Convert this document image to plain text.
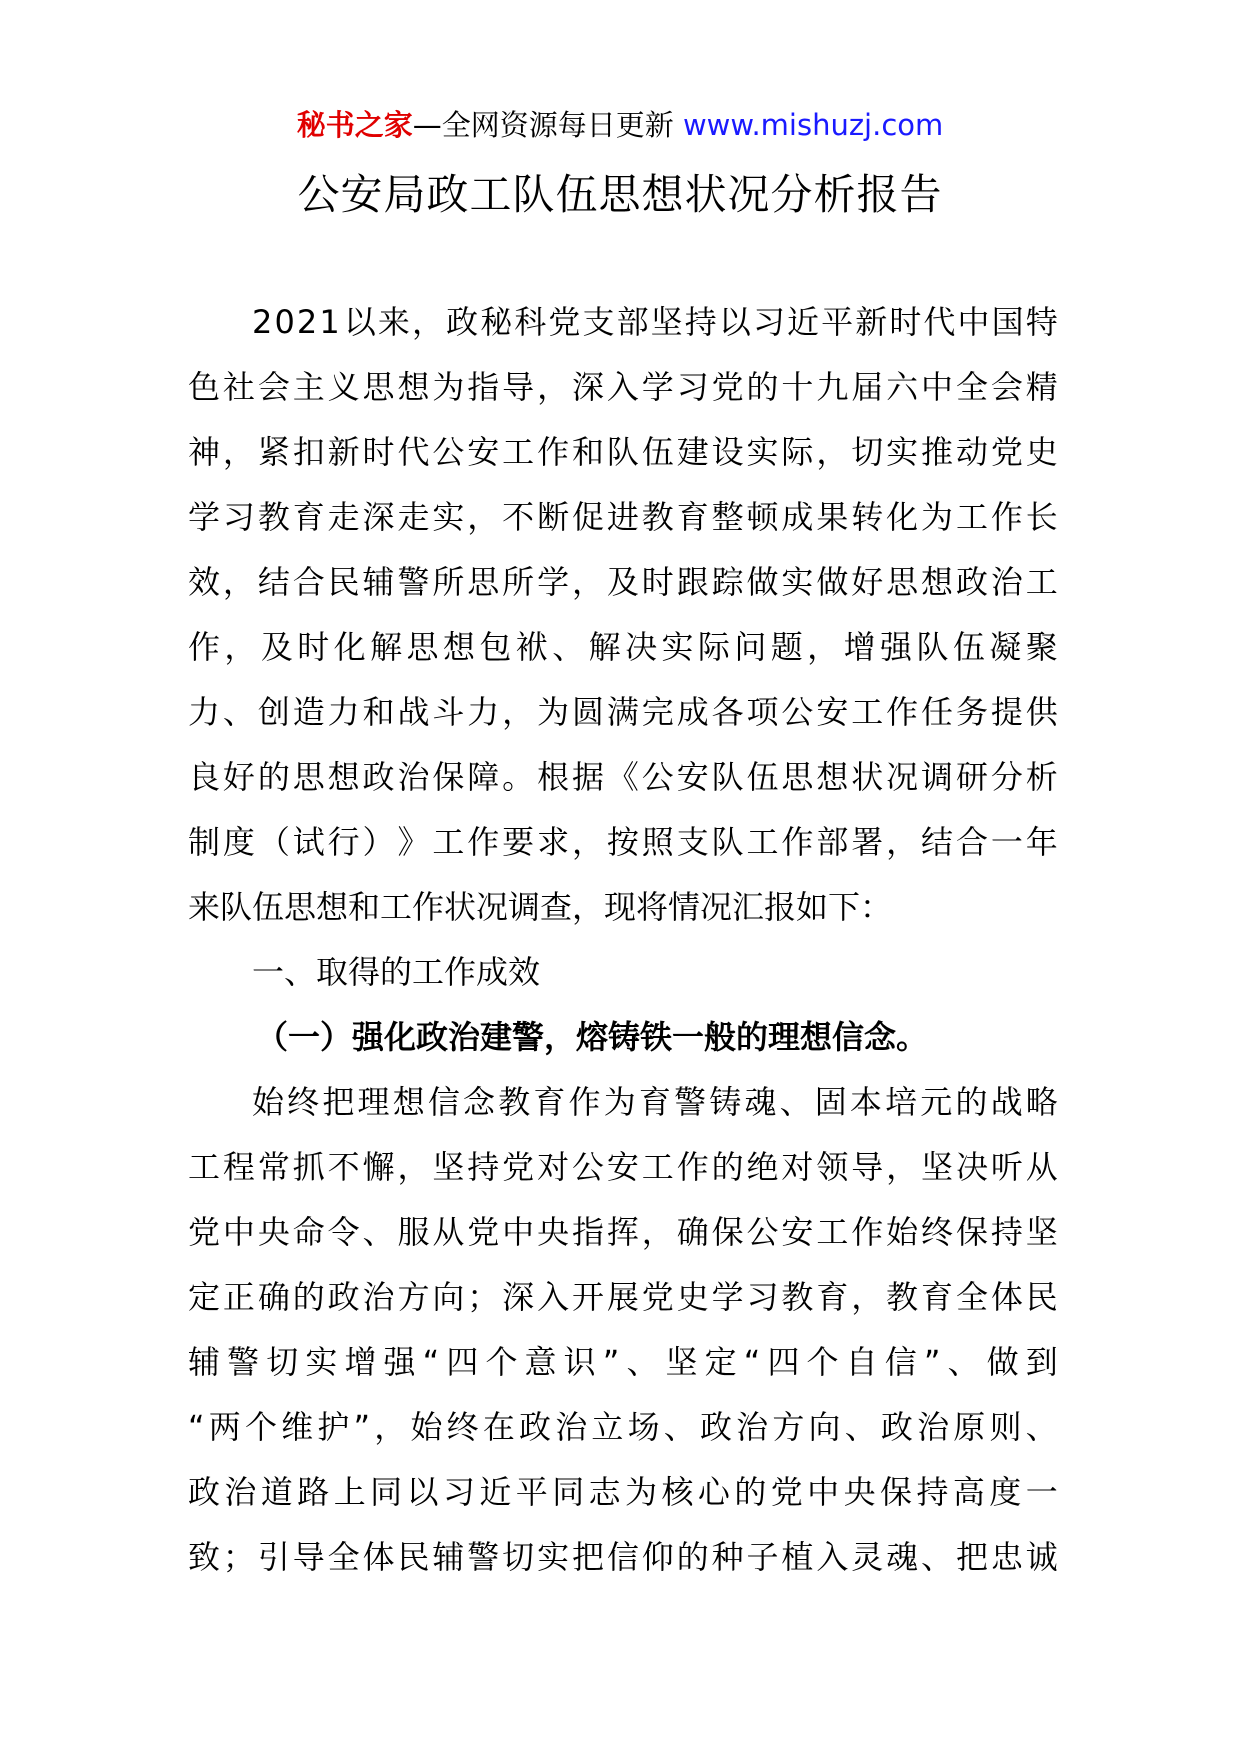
秘书之家—全网资源每日更新 www.mishuzj.com
公安局政工队伍思想状况分析报告
2 0 2 1 以 来 ， 政 秘 科 党 支 部 坚 持 以 习 近 平 新 时 代 中 国 特
色 社 会 主 义 思 想 为 指 导 ， 深 入 学 习 党 的 十 九 届 六 中 全 会 精
神 ， 紧 扣 新 时 代 公 安 工 作 和 队 伍 建 设 实 际 ， 切 实 推 动 党 史
学 习 教 育 走 深 走 实 ， 不 断 促 进 教 育 整 顿 成 果 转 化 为 工 作 长
效 ， 结 合 民 辅 警 所 思 所 学 ， 及 时 跟 踪 做 实 做 好 思 想 政 治 工
作 ， 及 时 化 解 思 想 包 袱 、 解 决 实 际 问 题 ， 增 强 队 伍 凝 聚
力 、 创 造 力 和 战 斗 力 ， 为 圆 满 完 成 各 项 公 安 工 作 任 务 提 供
良 好 的 思 想 政 治 保 障 。 根 据 《 公 安 队 伍 思 想 状 况 调 研 分 析
制 度 （ 试 行 ） 》 工 作 要 求 ， 按 照 支 队 工 作 部 署 ， 结 合 一 年
来队伍思想和工作状况调查，现将情况汇报如下：
一、取得的工作成效
（一）强化政治建警，熔铸铁一般的理想信念。
始 终 把 理 想 信 念 教 育 作 为 育 警 铸 魂 、 固 本 培 元 的 战 略
工 程 常 抓 不 懈 ， 坚 持 党 对 公 安 工 作 的 绝 对 领 导 ， 坚 决 听 从
党 中 央 命 令 、 服 从 党 中 央 指 挥 ， 确 保 公 安 工 作 始 终 保 持 坚
定 正 确 的 政 治 方 向 ； 深 入 开 展 党 史 学 习 教 育 ， 教 育 全 体 民
辅 警 切 实 增 强 “ 四 个 意 识 ” 、 坚 定 “ 四 个 自 信 ” 、 做 到
“ 两 个 维 护 ” ， 始 终 在 政 治 立 场 、 政 治 方 向 、 政 治 原 则 、
政 治 道 路 上 同 以 习 近 平 同 志 为 核 心 的 党 中 央 保 持 高 度 一
致 ； 引 导 全 体 民 辅 警 切 实 把 信 仰 的 种 子 植 入 灵 魂 、 把 忠 诚
